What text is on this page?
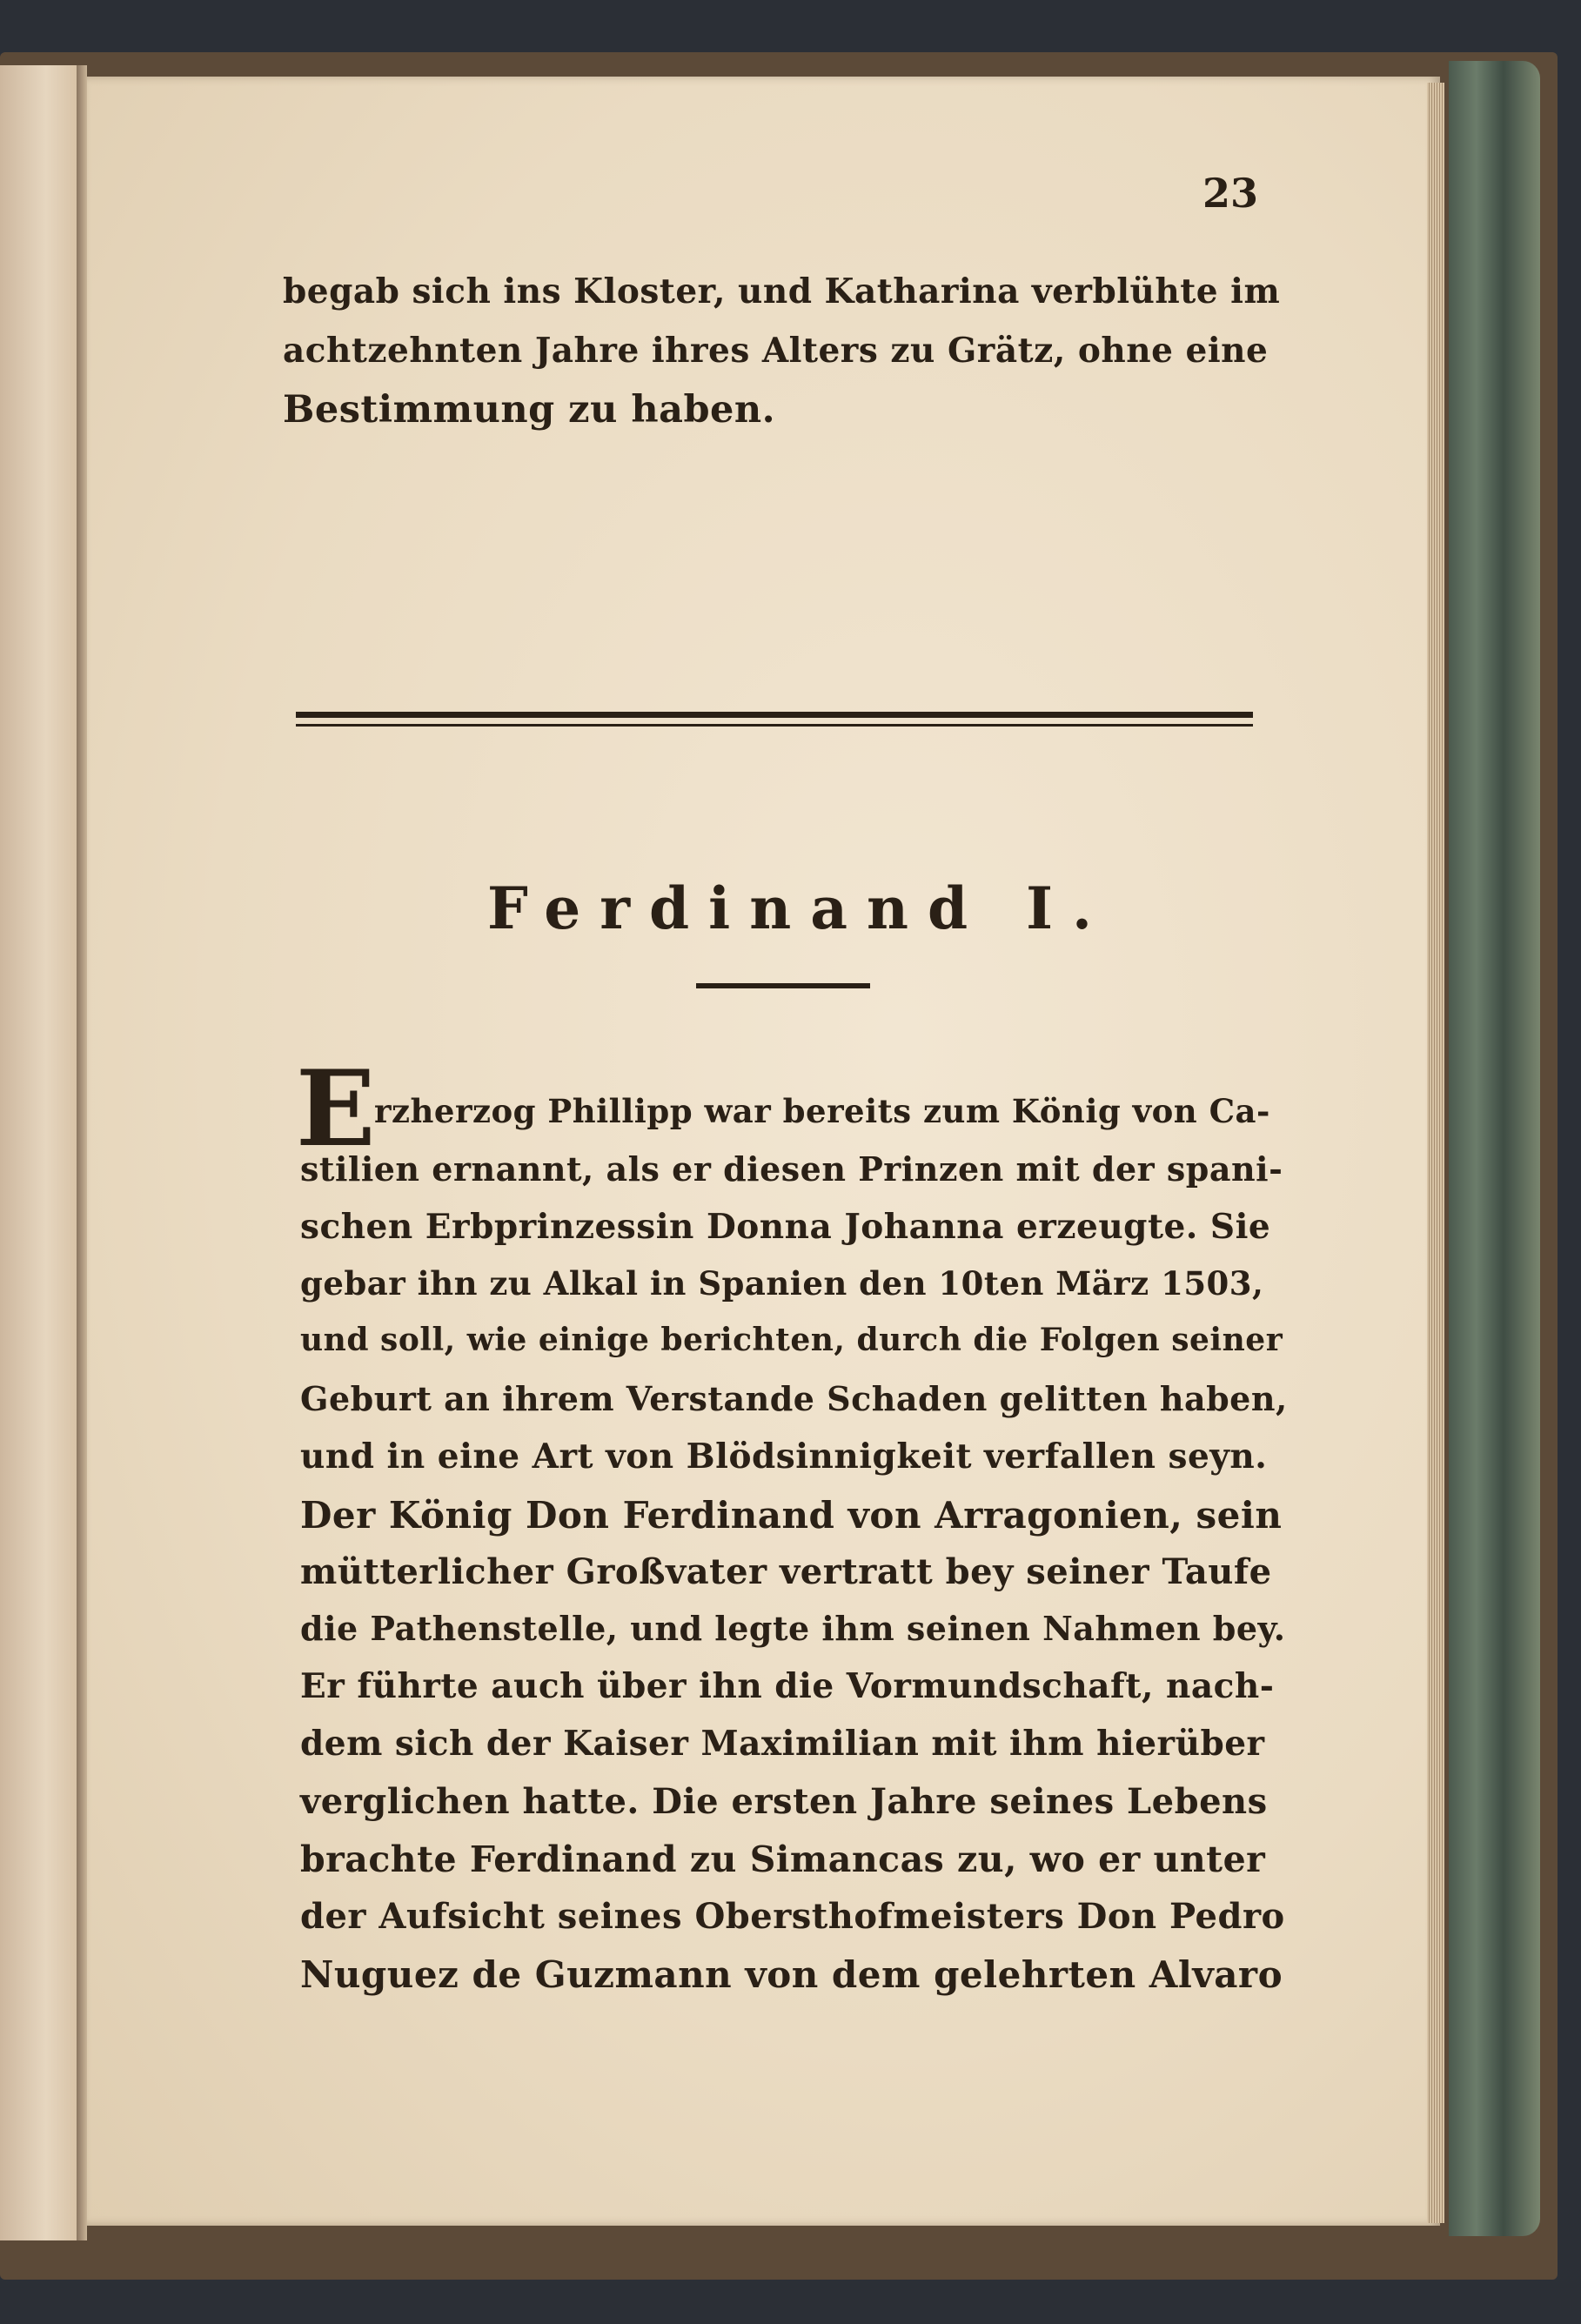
23
begab sich ins Kloster, und Katharina verblühte im
achtzehnten Jahre ihres Alters zu Grätz, ohne eine
Bestimmung zu haben.
Ferdinand I.
E
rzherzog Phillipp war bereits zum König von Ca-
stilien ernannt, als er diesen Prinzen mit der spani-
schen Erbprinzessin Donna Johanna erzeugte. Sie
gebar ihn zu Alkal in Spanien den 10ten März 1503,
und soll, wie einige berichten, durch die Folgen seiner
Geburt an ihrem Verstande Schaden gelitten haben,
und in eine Art von Blödsinnigkeit verfallen seyn.
Der König Don Ferdinand von Arragonien, sein
mütterlicher Großvater vertratt bey seiner Taufe
die Pathenstelle, und legte ihm seinen Nahmen bey.
Er führte auch über ihn die Vormundschaft, nach-
dem sich der Kaiser Maximilian mit ihm hierüber
verglichen hatte. Die ersten Jahre seines Lebens
brachte Ferdinand zu Simancas zu, wo er unter
der Aufsicht seines Obersthofmeisters Don Pedro
Nuguez de Guzmann von dem gelehrten Alvaro
